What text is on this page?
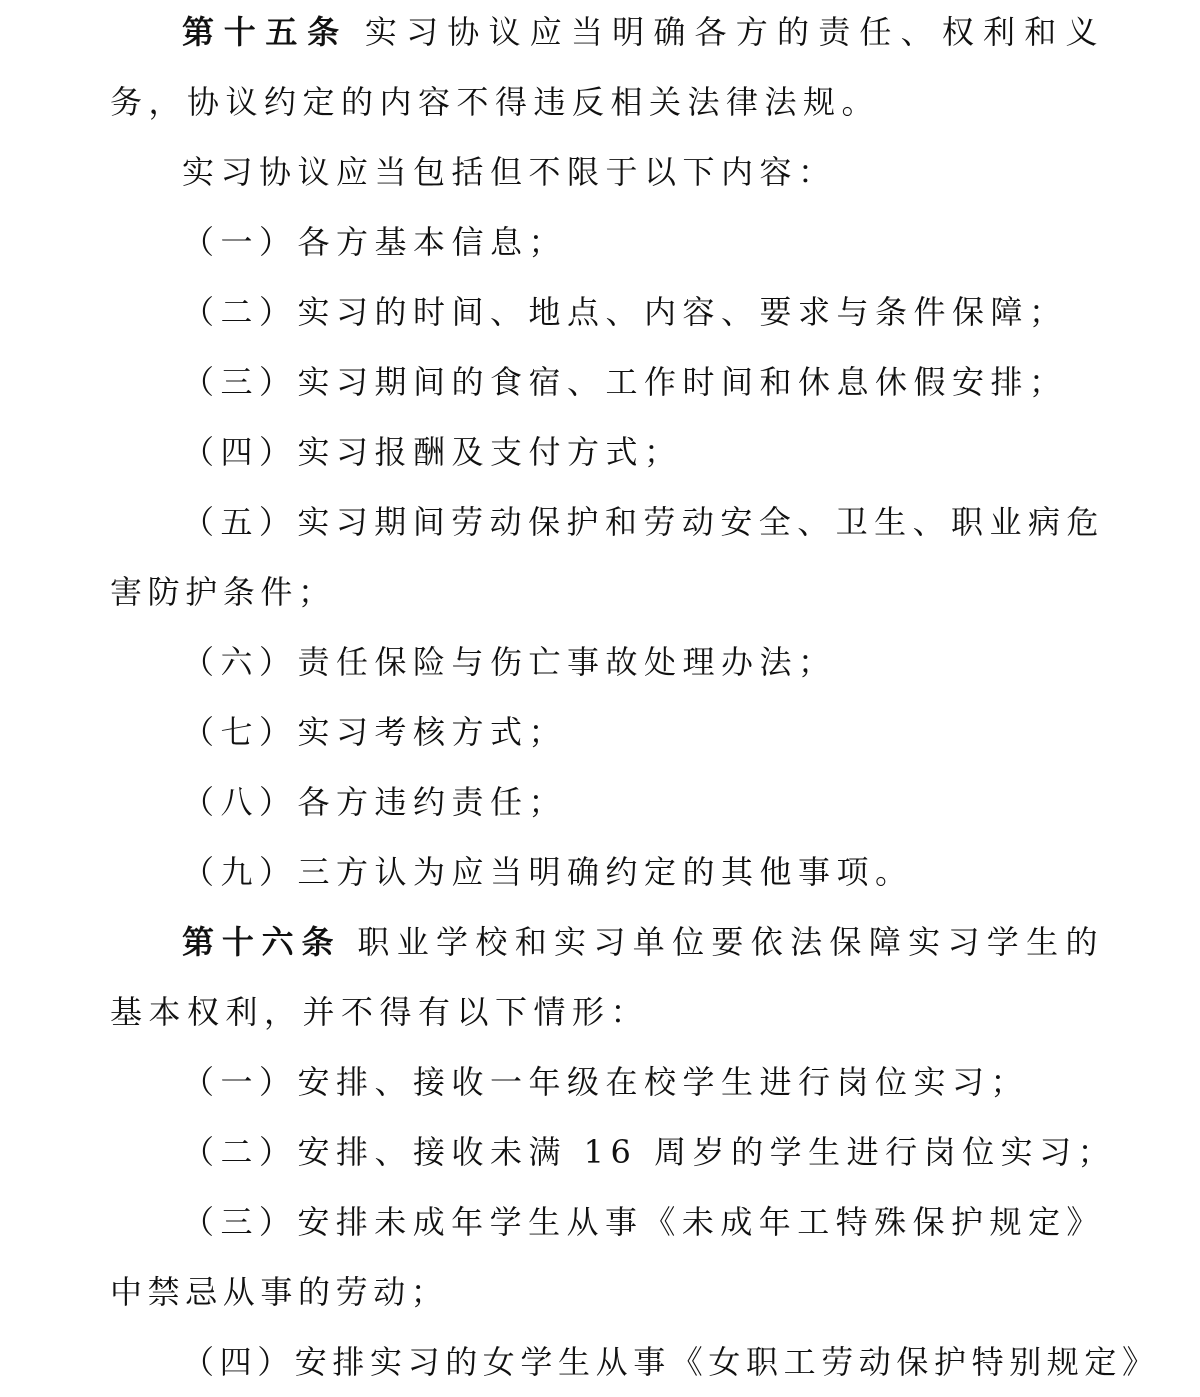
第十五条 实习协议应当明确各方的责任、权利和义务，协议约定的内容不得违反相关法律法规。
实习协议应当包括但不限于以下内容：
（一）各方基本信息；
（二）实习的时间、地点、内容、要求与条件保障；
（三）实习期间的食宿、工作时间和休息休假安排；
（四）实习报酬及支付方式；
（五）实习期间劳动保护和劳动安全、卫生、职业病危害防护条件；
（六）责任保险与伤亡事故处理办法；
（七）实习考核方式；
（八）各方违约责任；
（九）三方认为应当明确约定的其他事项。
第十六条 职业学校和实习单位要依法保障实习学生的基本权利，并不得有以下情形：
（一）安排、接收一年级在校学生进行岗位实习；
（二）安排、接收未满 16 周岁的学生进行岗位实习；
（三）安排未成年学生从事《未成年工特殊保护规定》中禁忌从事的劳动；
（四）安排实习的女学生从事《女职工劳动保护特别规定》
